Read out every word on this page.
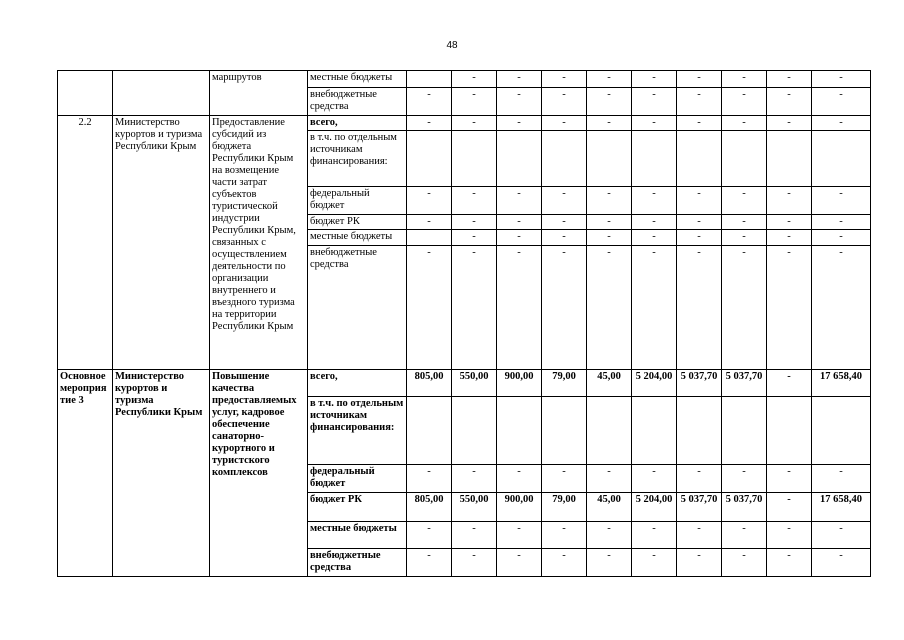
48
		маршрутов	местные бюджеты		-	-	-	-	-	-	-	-	-
			внебюджетные средства	-	-	-	-	-	-	-	-	-	-
2.2	Министерство курортов и туризма Республики Крым	Предоставление субсидий из бюджета Республики Крым на возмещение части затрат субъектов туристической индустрии Республики Крым, связанных с осуществлением деятельности по организации внутреннего и въездного туризма на территории Республики Крым	всего,	-	-	-	-	-	-	-	-	-	-
			в т.ч. по отдельным источникам финансирования:										
			федеральный бюджет	-	-	-	-	-	-	-	-	-	-
			бюджет РК	-	-	-	-	-	-	-	-	-	-
			местные бюджеты		-	-	-	-	-	-	-	-	-
			внебюджетные средства	-	-	-	-	-	-	-	-	-	-
Основное мероприятие 3	Министерство курортов и туризма Республики Крым	Повышение качества предоставляемых услуг, кадровое обеспечение санаторно-курортного и туристского комплексов	всего,	805,00	550,00	900,00	79,00	45,00	5 204,00	5 037,70	5 037,70	-	17 658,40
			в т.ч. по отдельным источникам финансирования:										
			федеральный бюджет	-	-	-	-	-	-	-	-	-	-
			бюджет РК	805,00	550,00	900,00	79,00	45,00	5 204,00	5 037,70	5 037,70	-	17 658,40
			местные бюджеты	-	-	-	-	-	-	-	-	-	-
			внебюджетные средства	-	-	-	-	-	-	-	-	-	-
